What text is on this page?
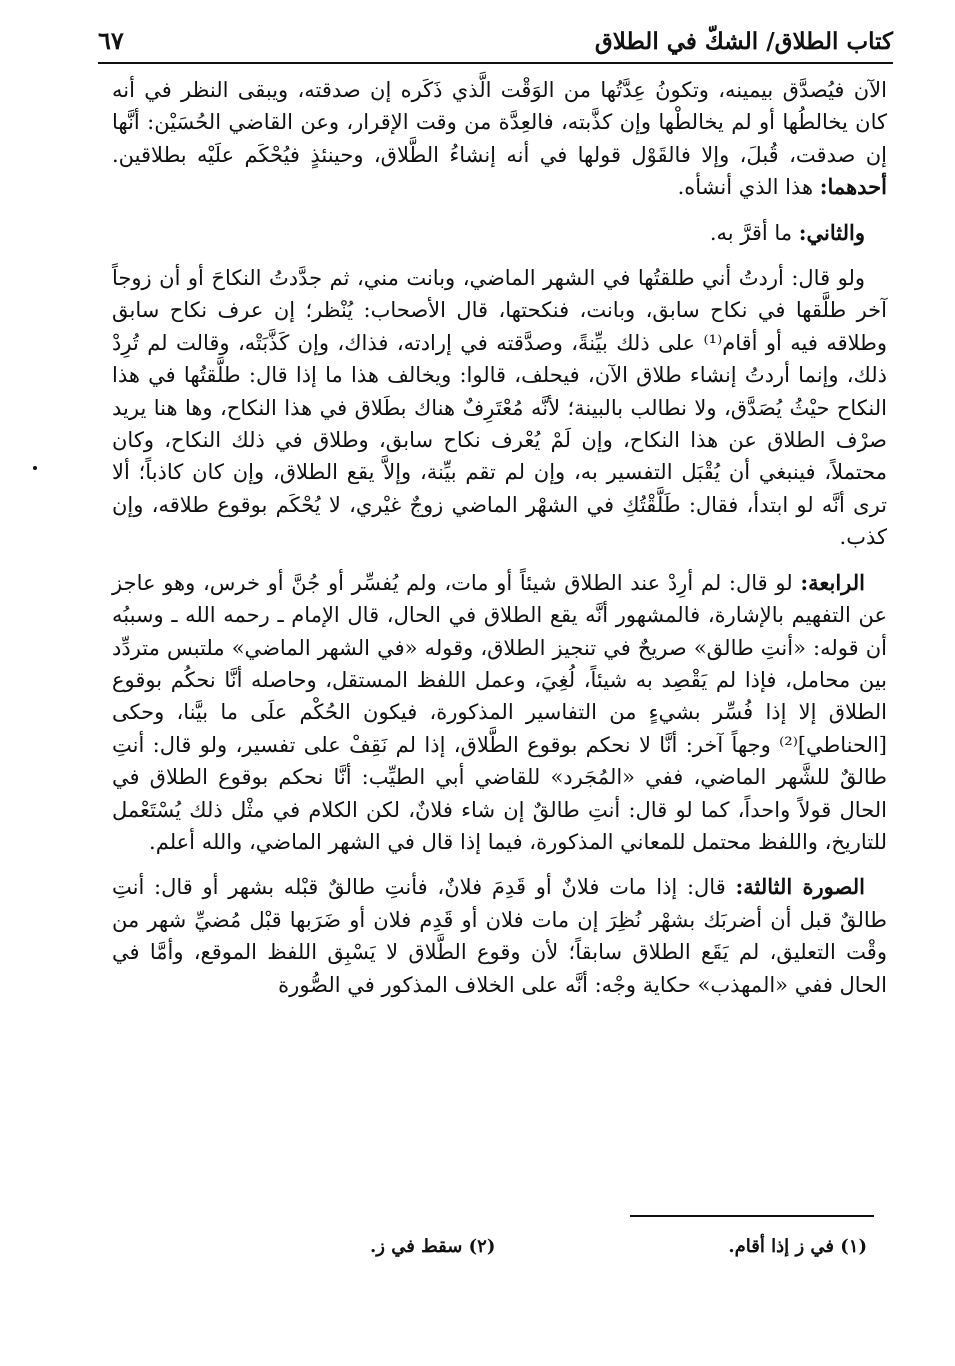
كتاب الطلاق/ الشكّ في الطلاق
٦٧

الآن فيُصدَّق بيمينه، وتكونُ عِدَّتُها من الوَقْت الَّذي ذَكَره إن صدقته، ويبقى النظر في أنه كان يخالطُها أو لم يخالطْها وإن كذَّبته، فالعِدَّة من وقت الإقرار، وعن القاضي الحُسَيْن: أنَّها إن صدقت، قُبلَ، وإلا فالقَوْل قولها في أنه إنشاءُ الطَّلاق، وحينئذٍ فيُحْكَم علَيْه بطلاقين. أحدهما: هذا الذي أنشأه.

والثاني: ما أقرَّ به.

ولو قال: أردتُ أني طلقتُها في الشهر الماضي، وبانت مني، ثم جدَّدتُ النكاحَ أو أن زوجاً آخر طلَّقها في نكاح سابق، وبانت، فنكحتها، قال الأصحاب: يُنْظر؛ إن عرف نكاح سابق وطلاقه فيه أو أقام⁽¹⁾ على ذلك بيِّنةً، وصدَّقته في إرادته، فذاك، وإن كَذَّبَتْه، وقالت لم تُرِدْ ذلك، وإنما أردتُ إنشاء طلاق الآن، فيحلف، قالوا: ويخالف هذا ما إذا قال: طلَّقتُها في هذا النكاح حيْثُ يُصَدَّق، ولا نطالب بالبينة؛ لأنَّه مُعْتَرِفٌ هناك بطَلاق في هذا النكاح، وها هنا يريد صرْف الطلاق عن هذا النكاح، وإن لَمْ يُعْرف نكاح سابق، وطلاق في ذلك النكاح، وكان محتملاً، فينبغي أن يُقْبَل التفسير به، وإن لم تقم بيِّنة، وإلاَّ يقع الطلاق، وإن كان كاذباً؛ ألا ترى أنَّه لو ابتدأ، فقال: طَلَّقْتُكِ في الشهْر الماضي زوجٌ غيْري، لا يُحْكَم بوقوع طلاقه، وإن كذب.

الرابعة: لو قال: لم أرِدْ عند الطلاق شيئاً أو مات، ولم يُفسِّر أو جُنَّ أو خرس، وهو عاجز عن التفهيم بالإشارة، فالمشهور أنَّه يقع الطلاق في الحال، قال الإمام ـ رحمه الله ـ وسببُه أن قوله: «أنتِ طالق» صريحٌ في تنجيز الطلاق، وقوله «في الشهر الماضي» ملتبس متردِّد بين محامل، فإذا لم يَقْصِد به شيئاً، لُغِيَ، وعمل اللفظ المستقل، وحاصله أنَّا نحكُم بوقوع الطلاق إلا إذا فُسِّر بشيءٍ من التفاسير المذكورة، فيكون الحُكْم علَى ما بيَّنا، وحكى [الحناطي]⁽²⁾ وجهاً آخر: أنَّا لا نحكم بوقوع الطَّلاق، إذا لم نَقِفْ على تفسير، ولو قال: أنتِ طالقٌ للشَّهر الماضي، ففي «المُجَرد» للقاضي أبي الطيِّب: أنَّا نحكم بوقوع الطلاق في الحال قولاً واحداً، كما لو قال: أنتِ طالقٌ إن شاء فلانٌ، لكن الكلام في مثْل ذلك يُسْتَعْمل للتاريخ، واللفظ محتمل للمعاني المذكورة، فيما إذا قال في الشهر الماضي، والله أعلم.

الصورة الثالثة: قال: إذا مات فلانٌ أو قَدِمَ فلانٌ، فأنتِ طالقٌ قبْله بشهر أو قال: أنتِ طالقٌ قبل أن أضربَك بشهْر نُظِرَ إن مات فلان أو قَدِم فلان أو ضَرَبها قبْل مُضيِّ شهر من وقْت التعليق، لم يَقَع الطلاق سابقاً؛ لأن وقوع الطَّلاق لا يَسْبِق اللفظ الموقع، وأمَّا في الحال ففي «المهذب» حكاية وجْه: أنَّه على الخلاف المذكور في الصُّورة

(١) في ز إذا أقام.
(٢) سقط في ز.
